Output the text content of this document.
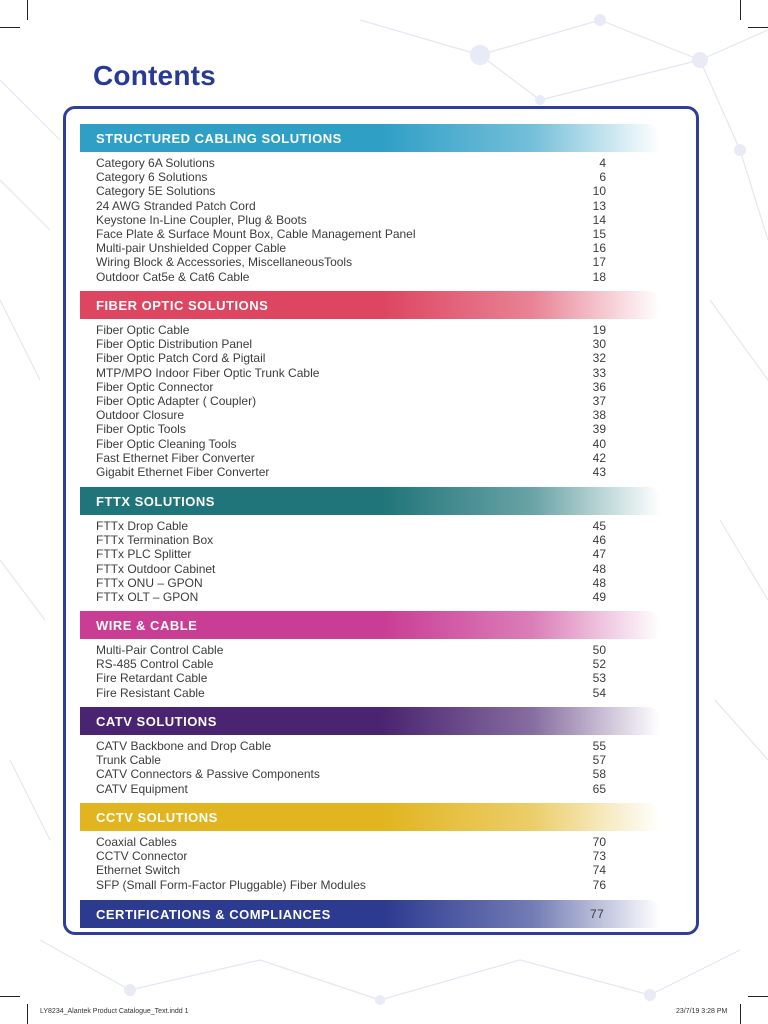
Contents
STRUCTURED CABLING SOLUTIONS
Category 6A Solutions	4
Category 6 Solutions	6
Category 5E Solutions	10
24 AWG Stranded Patch Cord	13
Keystone In-Line Coupler, Plug & Boots	14
Face Plate & Surface Mount Box, Cable Management Panel	15
Multi-pair Unshielded Copper Cable	16
Wiring Block & Accessories, MiscellaneousTools	17
Outdoor Cat5e & Cat6 Cable	18
FIBER OPTIC SOLUTIONS
Fiber Optic Cable	19
Fiber Optic Distribution Panel	30
Fiber Optic Patch Cord & Pigtail	32
MTP/MPO Indoor Fiber Optic Trunk Cable	33
Fiber Optic Connector	36
Fiber Optic Adapter ( Coupler)	37
Outdoor Closure	38
Fiber Optic Tools	39
Fiber Optic Cleaning Tools	40
Fast Ethernet Fiber Converter	42
Gigabit Ethernet Fiber Converter	43
FTTX SOLUTIONS
FTTx Drop Cable	45
FTTx Termination Box	46
FTTx PLC Splitter	47
FTTx Outdoor Cabinet	48
FTTx ONU – GPON	48
FTTx OLT – GPON	49
WIRE & CABLE
Multi-Pair Control Cable	50
RS-485 Control Cable	52
Fire Retardant Cable	53
Fire Resistant Cable	54
CATV SOLUTIONS
CATV Backbone and Drop Cable	55
Trunk Cable	57
CATV Connectors & Passive Components	58
CATV Equipment	65
CCTV SOLUTIONS
Coaxial Cables	70
CCTV Connector	73
Ethernet Switch	74
SFP (Small Form-Factor Pluggable) Fiber Modules	76
CERTIFICATIONS & COMPLIANCES	77
LY8234_Alantek Product Catalogue_Text.indd 1	23/7/19 3:28 PM
